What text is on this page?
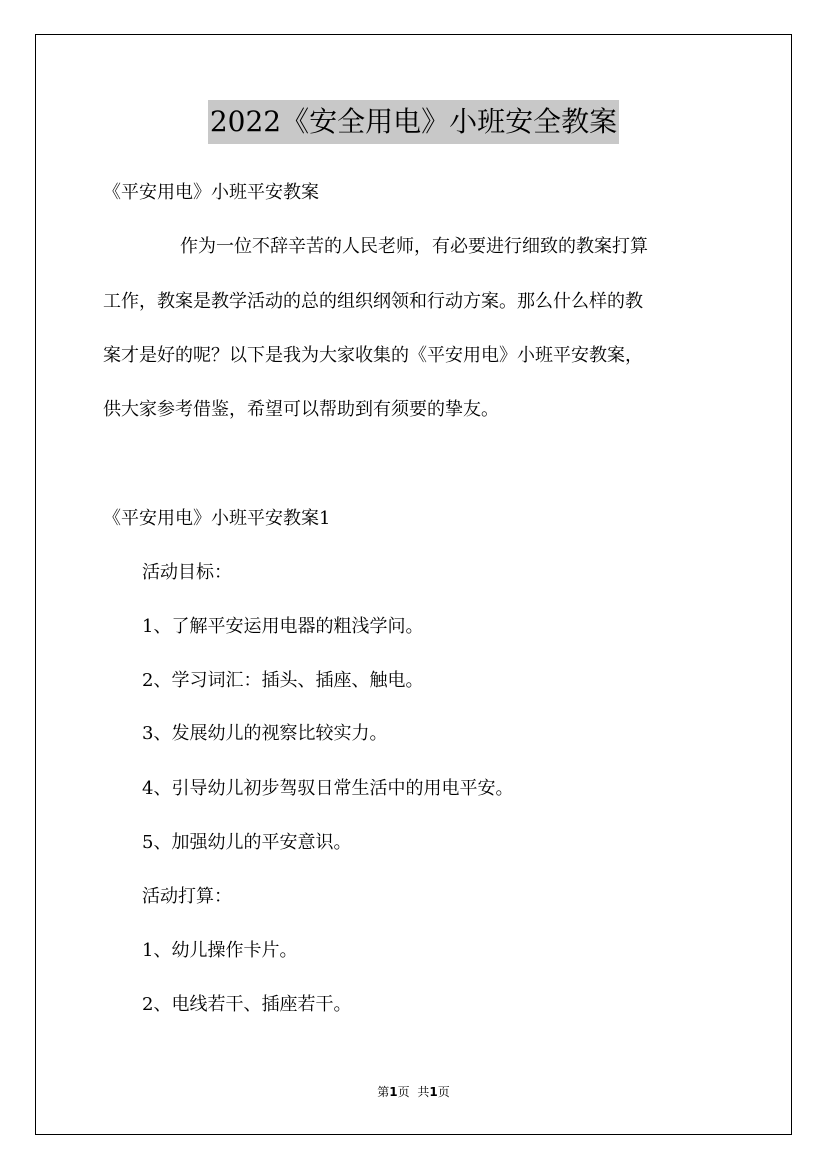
2022《安全用电》小班安全教案
《平安用电》小班平安教案
作为一位不辞辛苦的人民老师，有必要进行细致的教案打算
工作，教案是教学活动的总的组织纲领和行动方案。那么什么样的教
案才是好的呢？以下是我为大家收集的《平安用电》小班平安教案，
供大家参考借鉴，希望可以帮助到有须要的挚友。
《平安用电》小班平安教案1
活动目标：
1、了解平安运用电器的粗浅学问。
2、学习词汇：插头、插座、触电。
3、发展幼儿的视察比较实力。
4、引导幼儿初步驾驭日常生活中的用电平安。
5、加强幼儿的平安意识。
活动打算：
1、幼儿操作卡片。
2、电线若干、插座若干。
第1页 共1页
